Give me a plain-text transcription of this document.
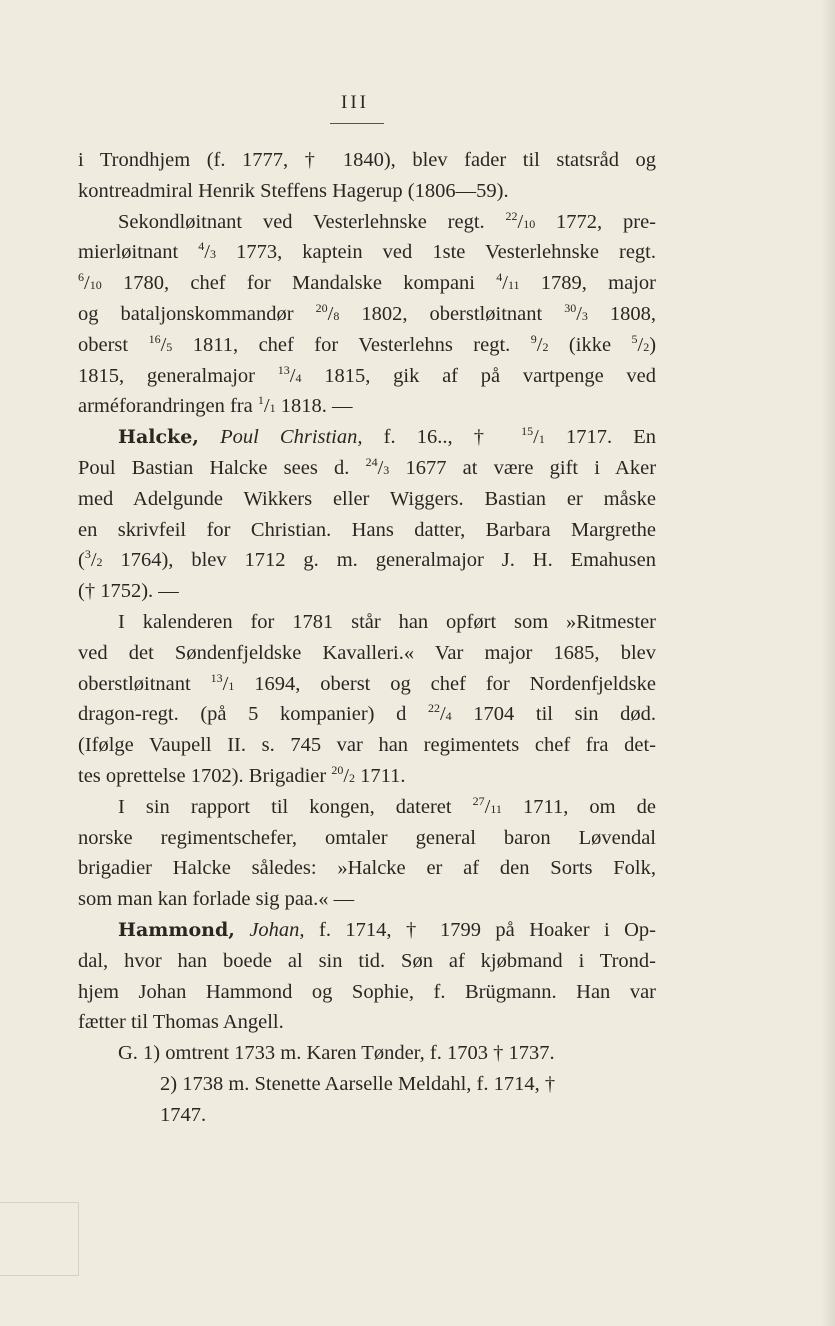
III
i Trondhjem (f. 1777, † 1840), blev fader til statsråd og
kontreadmiral Henrik Steffens Hagerup (1806—59).
Sekondløitnant ved Vesterlehnske regt. $^{22}$/10 1772, pre-
mierløitnant $^4$/3 1773, kaptein ved 1ste Vesterlehnske regt.
$^6$/10 1780, chef for Mandalske kompani $^4$/11 1789, major
og bataljonskommandør $^{20}$/8 1802, oberstløitnant $^{30}$/3 1808,
oberst $^{16}$/5 1811, chef for Vesterlehns regt. $^9$/2 (ikke $^5$/2)
1815, generalmajor $^{13}$/4 1815, gik af på vartpenge ved
arméforandringen fra $^1$/1 1818. —
Halcke, Poul Christian, f. 16.., † $^{15}$/1 1717. En
Poul Bastian Halcke sees d. $^{24}$/3 1677 at være gift i Aker
med Adelgunde Wikkers eller Wiggers. Bastian er måske
en skrivfeil for Christian. Hans datter, Barbara Margrethe
($^3$/2 1764), blev 1712 g. m. generalmajor J. H. Emahusen
(† 1752). —
I kalenderen for 1781 står han opført som »Ritmester
ved det Søndenfjeldske Kavalleri.« Var major 1685, blev
oberstløitnant $^{13}$/1 1694, oberst og chef for Nordenfjeldske
dragon-regt. (på 5 kompanier) d $^{22}$/4 1704 til sin død.
(Ifølge Vaupell II. s. 745 var han regimentets chef fra det-
tes oprettelse 1702). Brigadier $^{20}$/2 1711.
I sin rapport til kongen, dateret $^{27}$/11 1711, om de
norske regimentschefer, omtaler general baron Løvendal
brigadier Halcke således: »Halcke er af den Sorts Folk,
som man kan forlade sig paa.« —
Hammond, Johan, f. 1714, † 1799 på Hoaker i Op-
dal, hvor han boede al sin tid. Søn af kjøbmand i Trond-
hjem Johan Hammond og Sophie, f. Brügmann. Han var
fætter til Thomas Angell.
G. 1) omtrent 1733 m. Karen Tønder, f. 1703 † 1737.
2) 1738 m. Stenette Aarselle Meldahl, f. 1714, †
1747.
